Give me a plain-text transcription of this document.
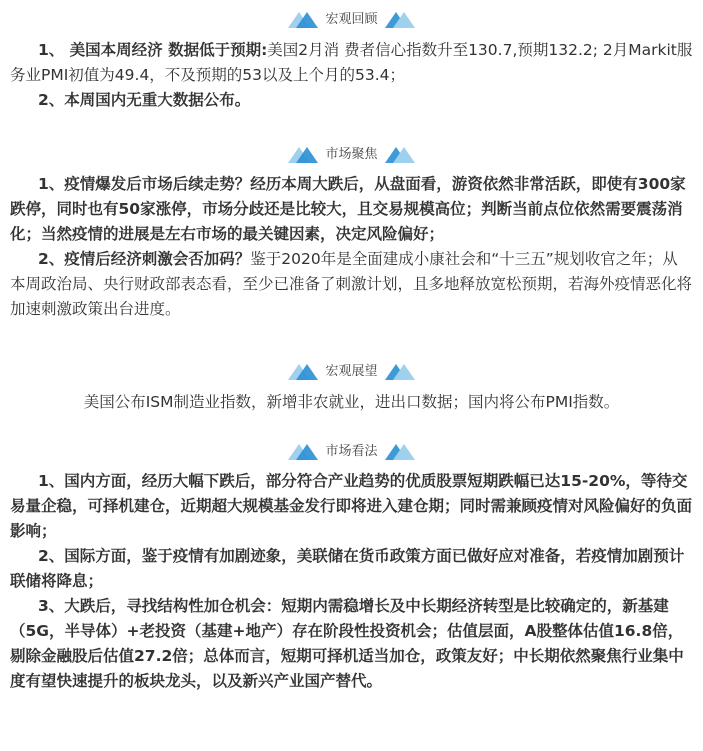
宏观回顾

1、 美国本周经济 数据低于预期:美国2月消 费者信心指数升至130.7,预期132.2; 2月Markit服 务业PMI初值为49.4，不及预期的53以及上个月的53.4；

2、本周国内无重大数据公布。

市场聚焦

1、疫情爆发后市场后续走势？经历本周大跌后，从盘面看，游资依然非常活跃，即使有300家跌停，同时也有50家涨停，市场分歧还是比较大，且交易规模高位；判断当前点位依然需要震荡消化；当然疫情的进展是左右市场的最关键因素，决定风险偏好；

2、疫情后经济刺激会否加码？鉴于2020年是全面建成小康社会和“十三五”规划收官之年；从本周政治局、央行财政部表态看，至少已准备了刺激计划，且多地释放宽松预期，若海外疫情恶化将加速刺激政策出台进度。

宏观展望
美国公布ISM制造业指数，新增非农就业，进出口数据；国内将公布PMI指数。
市场看法

1、国内方面，经历大幅下跌后，部分符合产业趋势的优质股票短期跌幅已达15-20%，等待交易量企稳，可择机建仓，近期超大规模基金发行即将进入建仓期；同时需兼顾疫情对风险偏好的负面影响；

2、国际方面，鉴于疫情有加剧迹象，美联储在货币政策方面已做好应对准备，若疫情加剧预计联储将降息；

3、大跌后，寻找结构性加仓机会：短期内需稳增长及中长期经济转型是比较确定的，新基建（5G，半导体）+老投资（基建+地产）存在阶段性投资机会；估值层面，A股整体估值16.8倍，剔除金融股后估值27.2倍；总体而言，短期可择机适当加仓，政策友好；中长期依然聚焦行业集中度有望快速提升的板块龙头，以及新兴产业国产替代。
